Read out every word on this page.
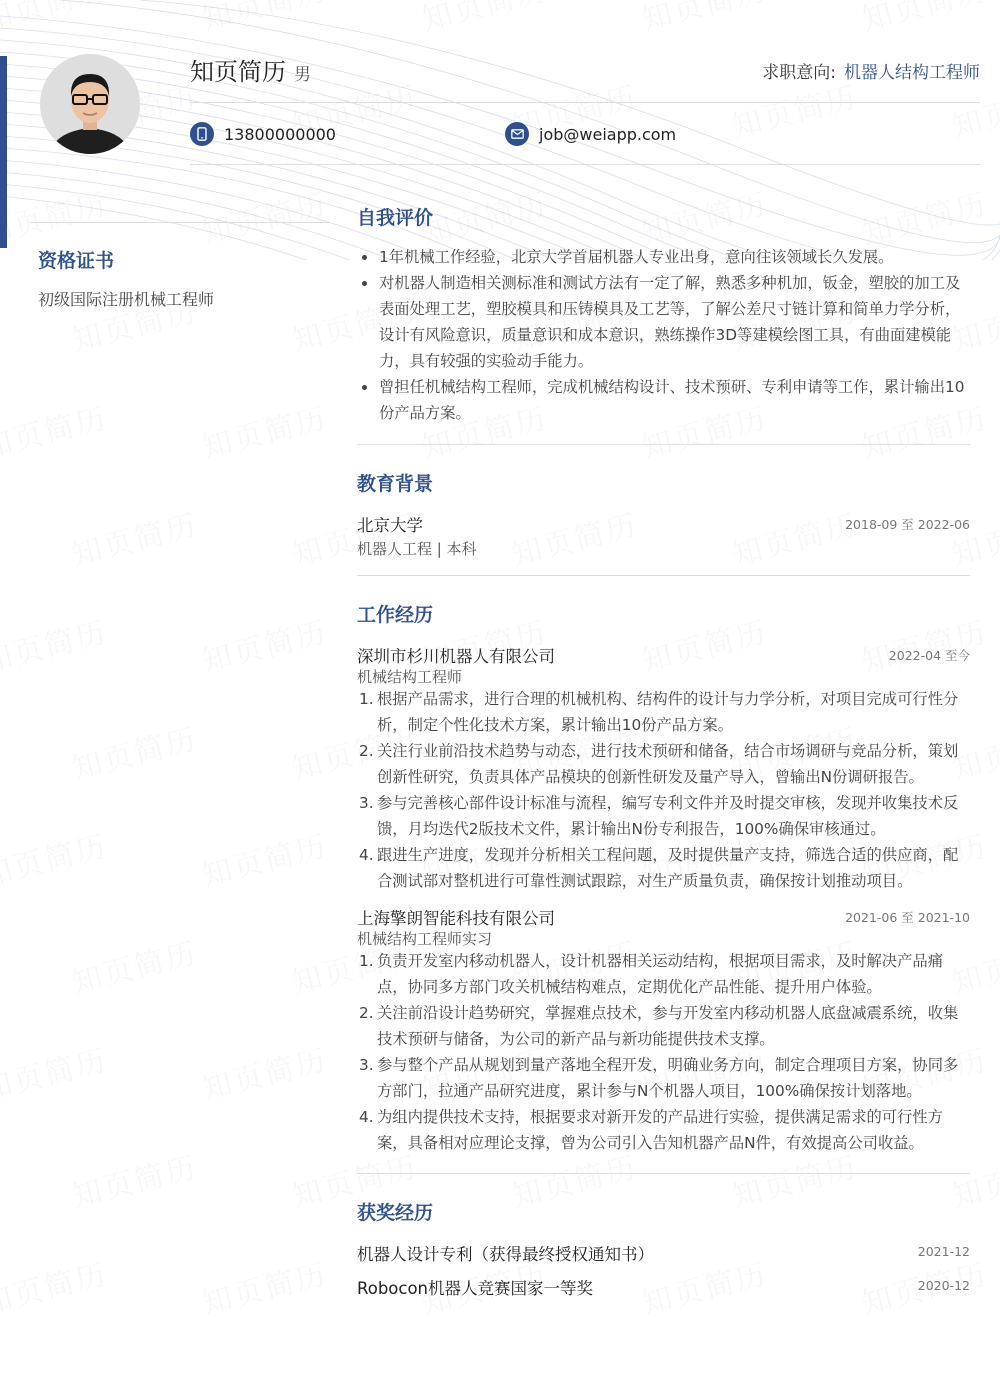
知页简历 男	求职意向: 机器人结构工程师
13800000000	job@weiapp.com
资格证书
初级国际注册机械工程师
自我评价
1年机械工作经验，北京大学首届机器人专业出身，意向往该领域长久发展。
对机器人制造相关测标准和测试方法有一定了解，熟悉多种机加，钣金，塑胶的加工及表面处理工艺，塑胶模具和压铸模具及工艺等，了解公差尺寸链计算和简单力学分析，设计有风险意识，质量意识和成本意识，熟练操作3D等建模绘图工具，有曲面建模能力，具有较强的实验动手能力。
曾担任机械结构工程师，完成机械结构设计、技术预研、专利申请等工作，累计输出10份产品方案。
教育背景
北京大学	2018-09 至 2022-06
机器人工程 | 本科
工作经历
深圳市杉川机器人有限公司	2022-04 至今
机械结构工程师
1. 根据产品需求，进行合理的机械机构、结构件的设计与力学分析，对项目完成可行性分析，制定个性化技术方案，累计输出10份产品方案。
2. 关注行业前沿技术趋势与动态，进行技术预研和储备，结合市场调研与竞品分析，策划创新性研究，负责具体产品模块的创新性研发及量产导入，曾输出N份调研报告。
3. 参与完善核心部件设计标准与流程，编写专利文件并及时提交审核，发现并收集技术反馈，月均迭代2版技术文件，累计输出N份专利报告，100%确保审核通过。
4. 跟进生产进度，发现并分析相关工程问题，及时提供量产支持，筛选合适的供应商，配合测试部对整机进行可靠性测试跟踪，对生产质量负责，确保按计划推动项目。
上海擎朗智能科技有限公司	2021-06 至 2021-10
机械结构工程师实习
1. 负责开发室内移动机器人，设计机器相关运动结构，根据项目需求，及时解决产品痛点，协同多方部门攻关机械结构难点，定期优化产品性能、提升用户体验。
2. 关注前沿设计趋势研究，掌握难点技术，参与开发室内移动机器人底盘减震系统，收集技术预研与储备，为公司的新产品与新功能提供技术支撑。
3. 参与整个产品从规划到量产落地全程开发，明确业务方向，制定合理项目方案，协同多方部门，拉通产品研究进度，累计参与N个机器人项目，100%确保按计划落地。
4. 为组内提供技术支持，根据要求对新开发的产品进行实验，提供满足需求的可行性方案，具备相对应理论支撑，曾为公司引入告知机器产品N件，有效提高公司收益。
获奖经历
机器人设计专利（获得最终授权通知书）	2021-12
Robocon机器人竞赛国家一等奖	2020-12
